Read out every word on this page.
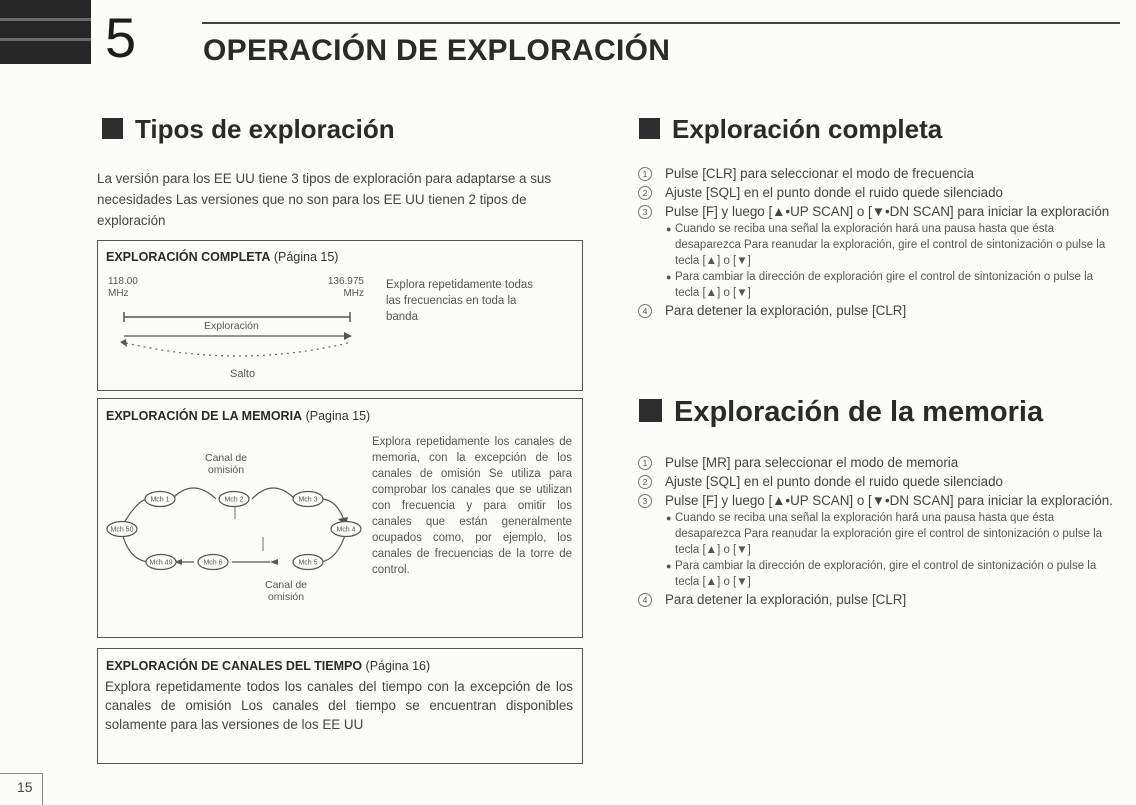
5 OPERACIÓN DE EXPLORACIÓN
Tipos de exploración

La versión para los EE UU tiene 3 tipos de exploración para adaptarse a sus necesidades Las versiones que no son para los EE UU tienen 2 tipos de exploración

EXPLORACIÓN COMPLETA (Página 15)
118.00
MHz
136.975
MHz
Exploración
Salto
Explora repetidamente todas las frecuencias en toda la banda
EXPLORACIÓN DE LA MEMORIA (Pagina 15)
Canal de omisión
Mch 1	Mch 2	Mch 3
Mch 4
Mch 5
Mch 6
Mch 49
Mch 50
Canal de omisión
Explora repetidamente los canales de memoria, con la excepción de los canales de omisión Se utiliza para comprobar los canales que se utilizan con frecuencia y para omitir los canales que están generalmente ocupados como, por ejemplo, los canales de frecuencias de la torre de control.
EXPLORACIÓN DE CANALES DEL TIEMPO (Página 16)
Explora repetidamente todos los canales del tiempo con la excepción de los canales de omisión Los canales del tiempo se encuentran disponibles solamente para las versiones de los EE UU
Exploración completa
1	Pulse [CLR] para seleccionar el modo de frecuencia
2	Ajuste [SQL] en el punto donde el ruido quede silenciado
3	Pulse [F] y luego [▲•UP SCAN] o [▼•DN SCAN] para iniciar la exploración
● Cuando se reciba una señal la exploración hará una pausa hasta que ésta desaparezca Para reanudar la exploración, gire el control de sintonización o pulse la tecla [▲] o [▼]
● Para cambiar la dirección de exploración gire el control de sintonización o pulse la tecla [▲] o [▼]
4	Para detener la exploración, pulse [CLR]
Exploración de la memoria
1	Pulse [MR] para seleccionar el modo de memoria
2	Ajuste [SQL] en el punto donde el ruido quede silenciado
3	Pulse [F] y luego [▲•UP SCAN] o [▼•DN SCAN] para iniciar la exploración.
● Cuando se reciba una señal la exploración hará una pausa hasta que ésta desaparezca Para reanudar la exploración gire el control de sintonización o pulse la tecla [▲] o [▼]
● Para cambiar la dirección de exploración, gire el control de sintonización o pulse la tecla [▲] o [▼]
4	Para detener la exploración, pulse [CLR]
15
